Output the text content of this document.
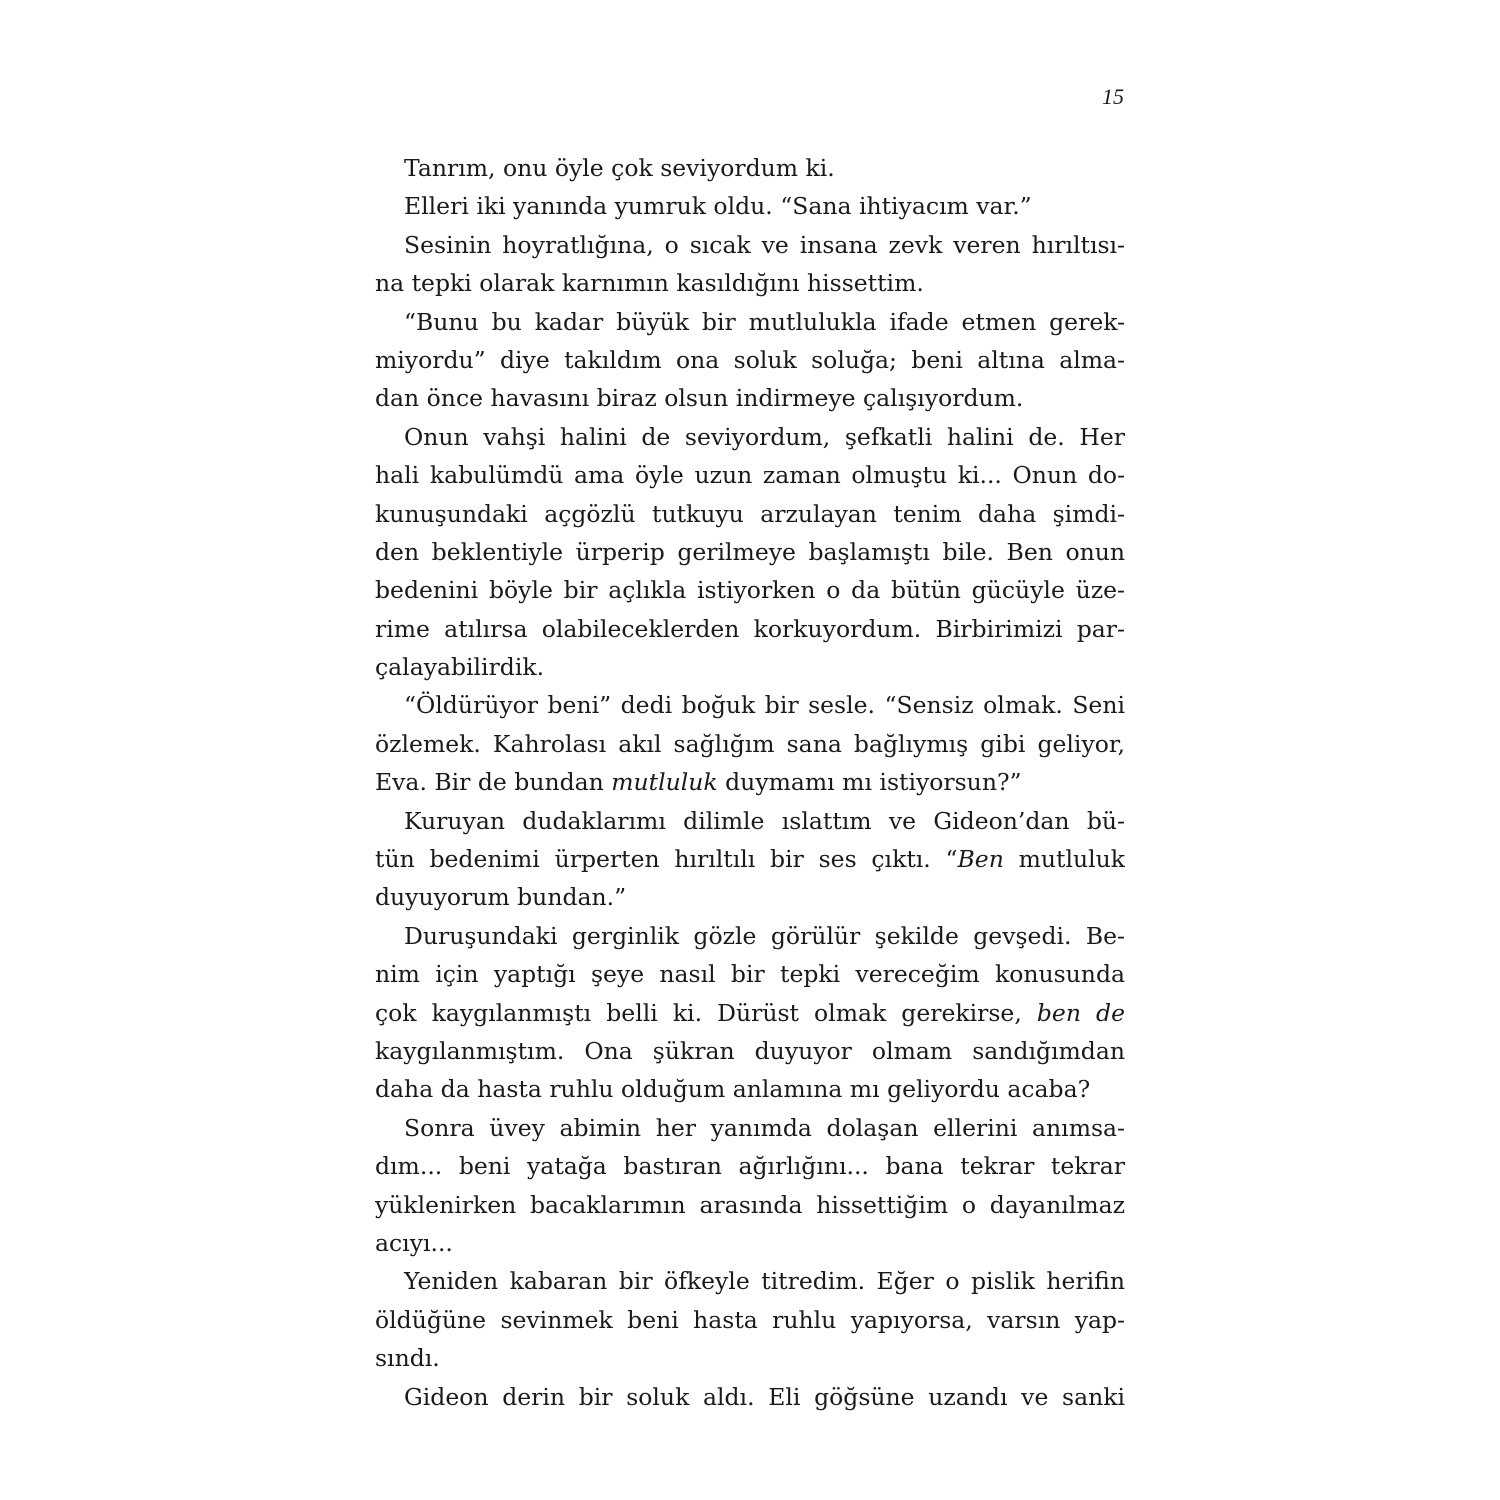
15
Tanrım, onu öyle çok seviyordum ki.
Elleri iki yanında yumruk oldu. “Sana ihtiyacım var.”
Sesinin hoyratlığına, o sıcak ve insana zevk veren hırıltısı-
na tepki olarak karnımın kasıldığını hissettim.
“Bunu bu kadar büyük bir mutlulukla ifade etmen gerek-
miyordu” diye takıldım ona soluk soluğa; beni altına alma-
dan önce havasını biraz olsun indirmeye çalışıyordum.
Onun vahşi halini de seviyordum, şefkatli halini de. Her
hali kabulümdü ama öyle uzun zaman olmuştu ki... Onun do-
kunuşundaki açgözlü tutkuyu arzulayan tenim daha şimdi-
den beklentiyle ürperip gerilmeye başlamıştı bile. Ben onun
bedenini böyle bir açlıkla istiyorken o da bütün gücüyle üze-
rime atılırsa olabileceklerden korkuyordum. Birbirimizi par-
çalayabilirdik.
“Öldürüyor beni” dedi boğuk bir sesle. “Sensiz olmak. Seni
özlemek. Kahrolası akıl sağlığım sana bağlıymış gibi geliyor,
Eva. Bir de bundan mutluluk duymamı mı istiyorsun?”
Kuruyan dudaklarımı dilimle ıslattım ve Gideon’dan bü-
tün bedenimi ürperten hırıltılı bir ses çıktı. “Ben mutluluk
duyuyorum bundan.”
Duruşundaki gerginlik gözle görülür şekilde gevşedi. Be-
nim için yaptığı şeye nasıl bir tepki vereceğim konusunda
çok kaygılanmıştı belli ki. Dürüst olmak gerekirse, ben de
kaygılanmıştım. Ona şükran duyuyor olmam sandığımdan
daha da hasta ruhlu olduğum anlamına mı geliyordu acaba?
Sonra üvey abimin her yanımda dolaşan ellerini anımsa-
dım... beni yatağa bastıran ağırlığını... bana tekrar tekrar
yüklenirken bacaklarımın arasında hissettiğim o dayanılmaz
acıyı...
Yeniden kabaran bir öfkeyle titredim. Eğer o pislik herifin
öldüğüne sevinmek beni hasta ruhlu yapıyorsa, varsın yap-
sındı.
Gideon derin bir soluk aldı. Eli göğsüne uzandı ve sanki
